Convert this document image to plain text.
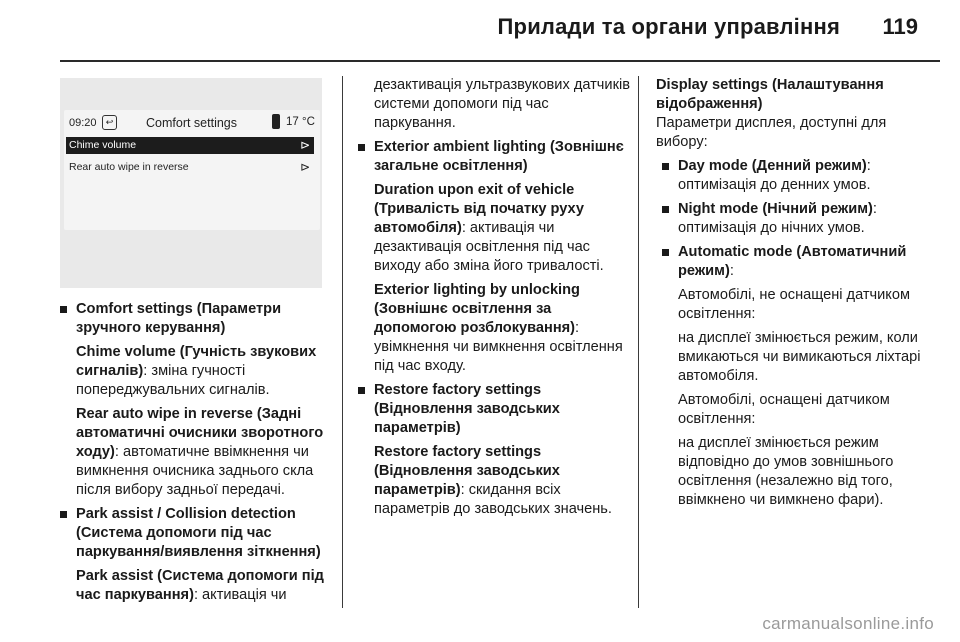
Прилади та органи управління 119
09:20	↩	Comfort settings	17 °C
Chime volume	⊳
Rear auto wipe in reverse	⊳

Comfort settings (Параметри зручного керування)

Chime volume (Гучність звукових сигналів): зміна гучності попереджувальних сигналів.

Rear auto wipe in reverse (Задні автоматичні очисники зворотного ходу): автоматичне ввімкнення чи вимкнення очисника заднього скла після вибору задньої передачі.

Park assist / Collision detection (Система допомоги під час паркування/виявлення зіткнення)

Park assist (Система допомоги під час паркування): активація чи

дезактивація ультразвукових датчиків системи допомоги під час паркування.

Exterior ambient lighting (Зовнішнє загальне освітлення)

Duration upon exit of vehicle (Тривалість від початку руху автомобіля): активація чи дезактивація освітлення під час виходу або зміна його тривалості.

Exterior lighting by unlocking (Зовнішнє освітлення за допомогою розблокування): увімкнення чи вимкнення освітлення під час входу.

Restore factory settings (Відновлення заводських параметрів)

Restore factory settings (Відновлення заводських параметрів): скидання всіх параметрів до заводських значень.

Display settings (Налаштування відображення)

Параметри дисплея, доступні для вибору:

Day mode (Денний режим): оптимізація до денних умов.

Night mode (Нічний режим): оптимізація до нічних умов.

Automatic mode (Автоматичний режим):

Автомобілі, не оснащені датчиком освітлення:

на дисплеї змінюється режим, коли вмикаються чи вимикаються ліхтарі автомобіля.

Автомобілі, оснащені датчиком освітлення:

на дисплеї змінюється режим відповідно до умов зовнішнього освітлення (незалежно від того, ввімкнено чи вимкнено фари).

carmanualsonline.info
